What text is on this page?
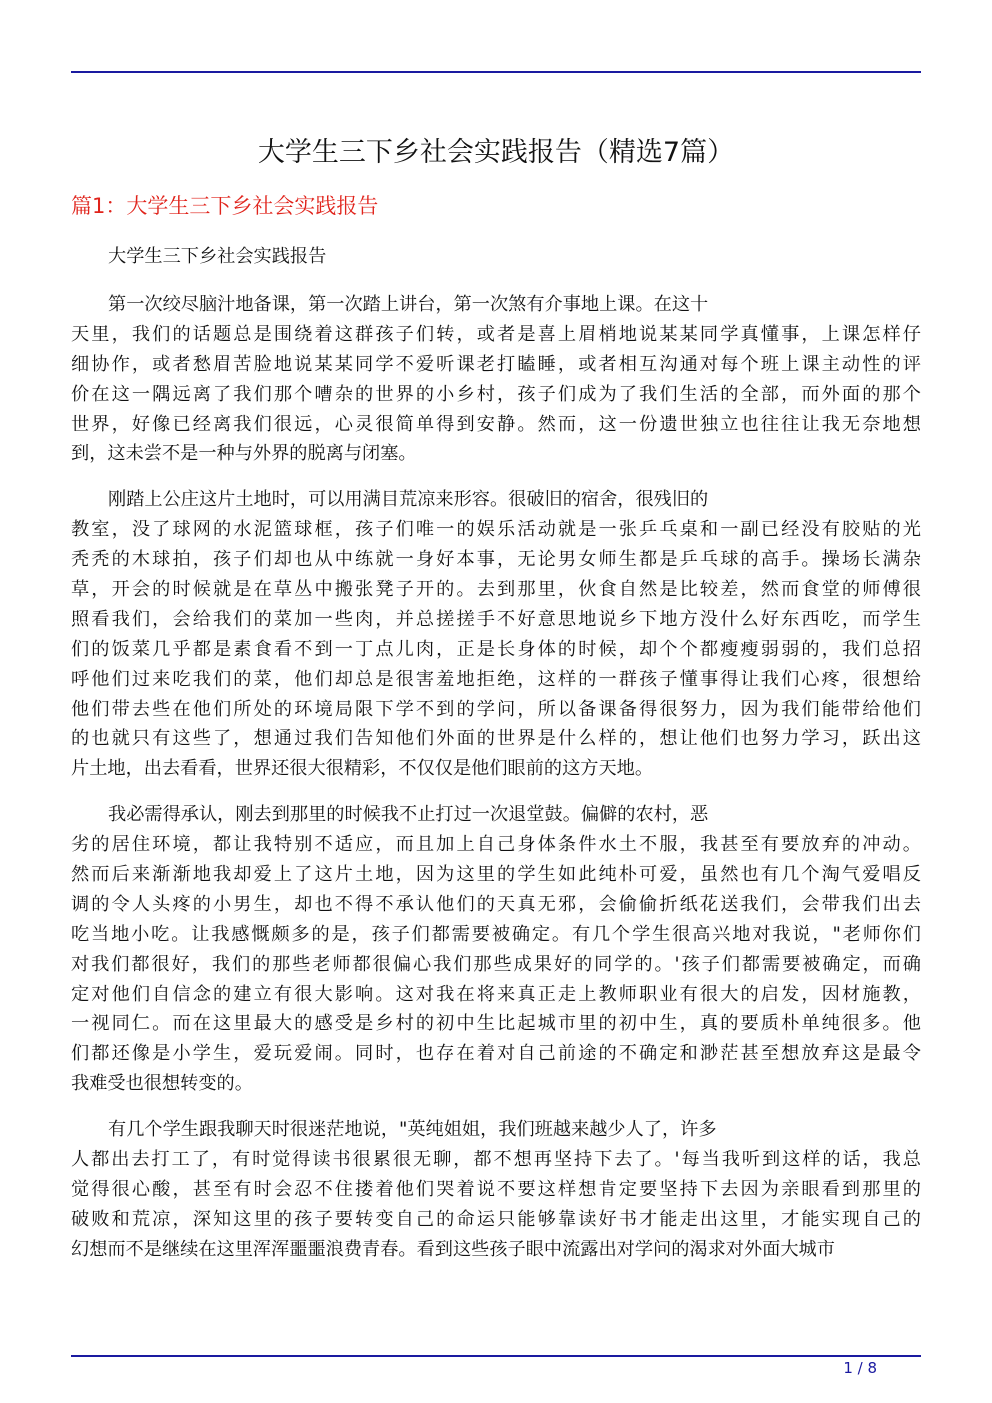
大学生三下乡社会实践报告（精选7篇）
篇1：大学生三下乡社会实践报告
大学生三下乡社会实践报告
第一次绞尽脑汁地备课，第一次踏上讲台，第一次煞有介事地上课。在这十
天里，我们的话题总是围绕着这群孩子们转，或者是喜上眉梢地说某某同学真懂事，上课怎样仔
细协作，或者愁眉苦脸地说某某同学不爱听课老打瞌睡，或者相互沟通对每个班上课主动性的评
价在这一隅远离了我们那个嘈杂的世界的小乡村，孩子们成为了我们生活的全部，而外面的那个
世界，好像已经离我们很远，心灵很简单得到安静。然而，这一份遗世独立也往往让我无奈地想
到，这未尝不是一种与外界的脱离与闭塞。
刚踏上公庄这片土地时，可以用满目荒凉来形容。很破旧的宿舍，很残旧的
教室，没了球网的水泥篮球框，孩子们唯一的娱乐活动就是一张乒乓桌和一副已经没有胶贴的光
秃秃的木球拍，孩子们却也从中练就一身好本事，无论男女师生都是乒乓球的高手。操场长满杂
草，开会的时候就是在草丛中搬张凳子开的。去到那里，伙食自然是比较差，然而食堂的师傅很
照看我们，会给我们的菜加一些肉，并总搓搓手不好意思地说乡下地方没什么好东西吃，而学生
们的饭菜几乎都是素食看不到一丁点儿肉，正是长身体的时候，却个个都瘦瘦弱弱的，我们总招
呼他们过来吃我们的菜，他们却总是很害羞地拒绝，这样的一群孩子懂事得让我们心疼，很想给
他们带去些在他们所处的环境局限下学不到的学问，所以备课备得很努力，因为我们能带给他们
的也就只有这些了，想通过我们告知他们外面的世界是什么样的，想让他们也努力学习，跃出这
片土地，出去看看，世界还很大很精彩，不仅仅是他们眼前的这方天地。
我必需得承认，刚去到那里的时候我不止打过一次退堂鼓。偏僻的农村，恶
劣的居住环境，都让我特别不适应，而且加上自己身体条件水土不服，我甚至有要放弃的冲动。
然而后来渐渐地我却爱上了这片土地，因为这里的学生如此纯朴可爱，虽然也有几个淘气爱唱反
调的令人头疼的小男生，却也不得不承认他们的天真无邪，会偷偷折纸花送我们，会带我们出去
吃当地小吃。让我感慨颇多的是，孩子们都需要被确定。有几个学生很高兴地对我说，"老师你们
对我们都很好，我们的那些老师都很偏心我们那些成果好的同学的。'孩子们都需要被确定，而确
定对他们自信念的建立有很大影响。这对我在将来真正走上教师职业有很大的启发，因材施教，
一视同仁。而在这里最大的感受是乡村的初中生比起城市里的初中生，真的要质朴单纯很多。他
们都还像是小学生，爱玩爱闹。同时，也存在着对自己前途的不确定和渺茫甚至想放弃这是最令
我难受也很想转变的。
有几个学生跟我聊天时很迷茫地说，"英纯姐姐，我们班越来越少人了，许多
人都出去打工了，有时觉得读书很累很无聊，都不想再坚持下去了。'每当我听到这样的话，我总
觉得很心酸，甚至有时会忍不住搂着他们哭着说不要这样想肯定要坚持下去因为亲眼看到那里的
破败和荒凉，深知这里的孩子要转变自己的命运只能够靠读好书才能走出这里，才能实现自己的
幻想而不是继续在这里浑浑噩噩浪费青春。看到这些孩子眼中流露出对学问的渴求对外面大城市
1 / 8
